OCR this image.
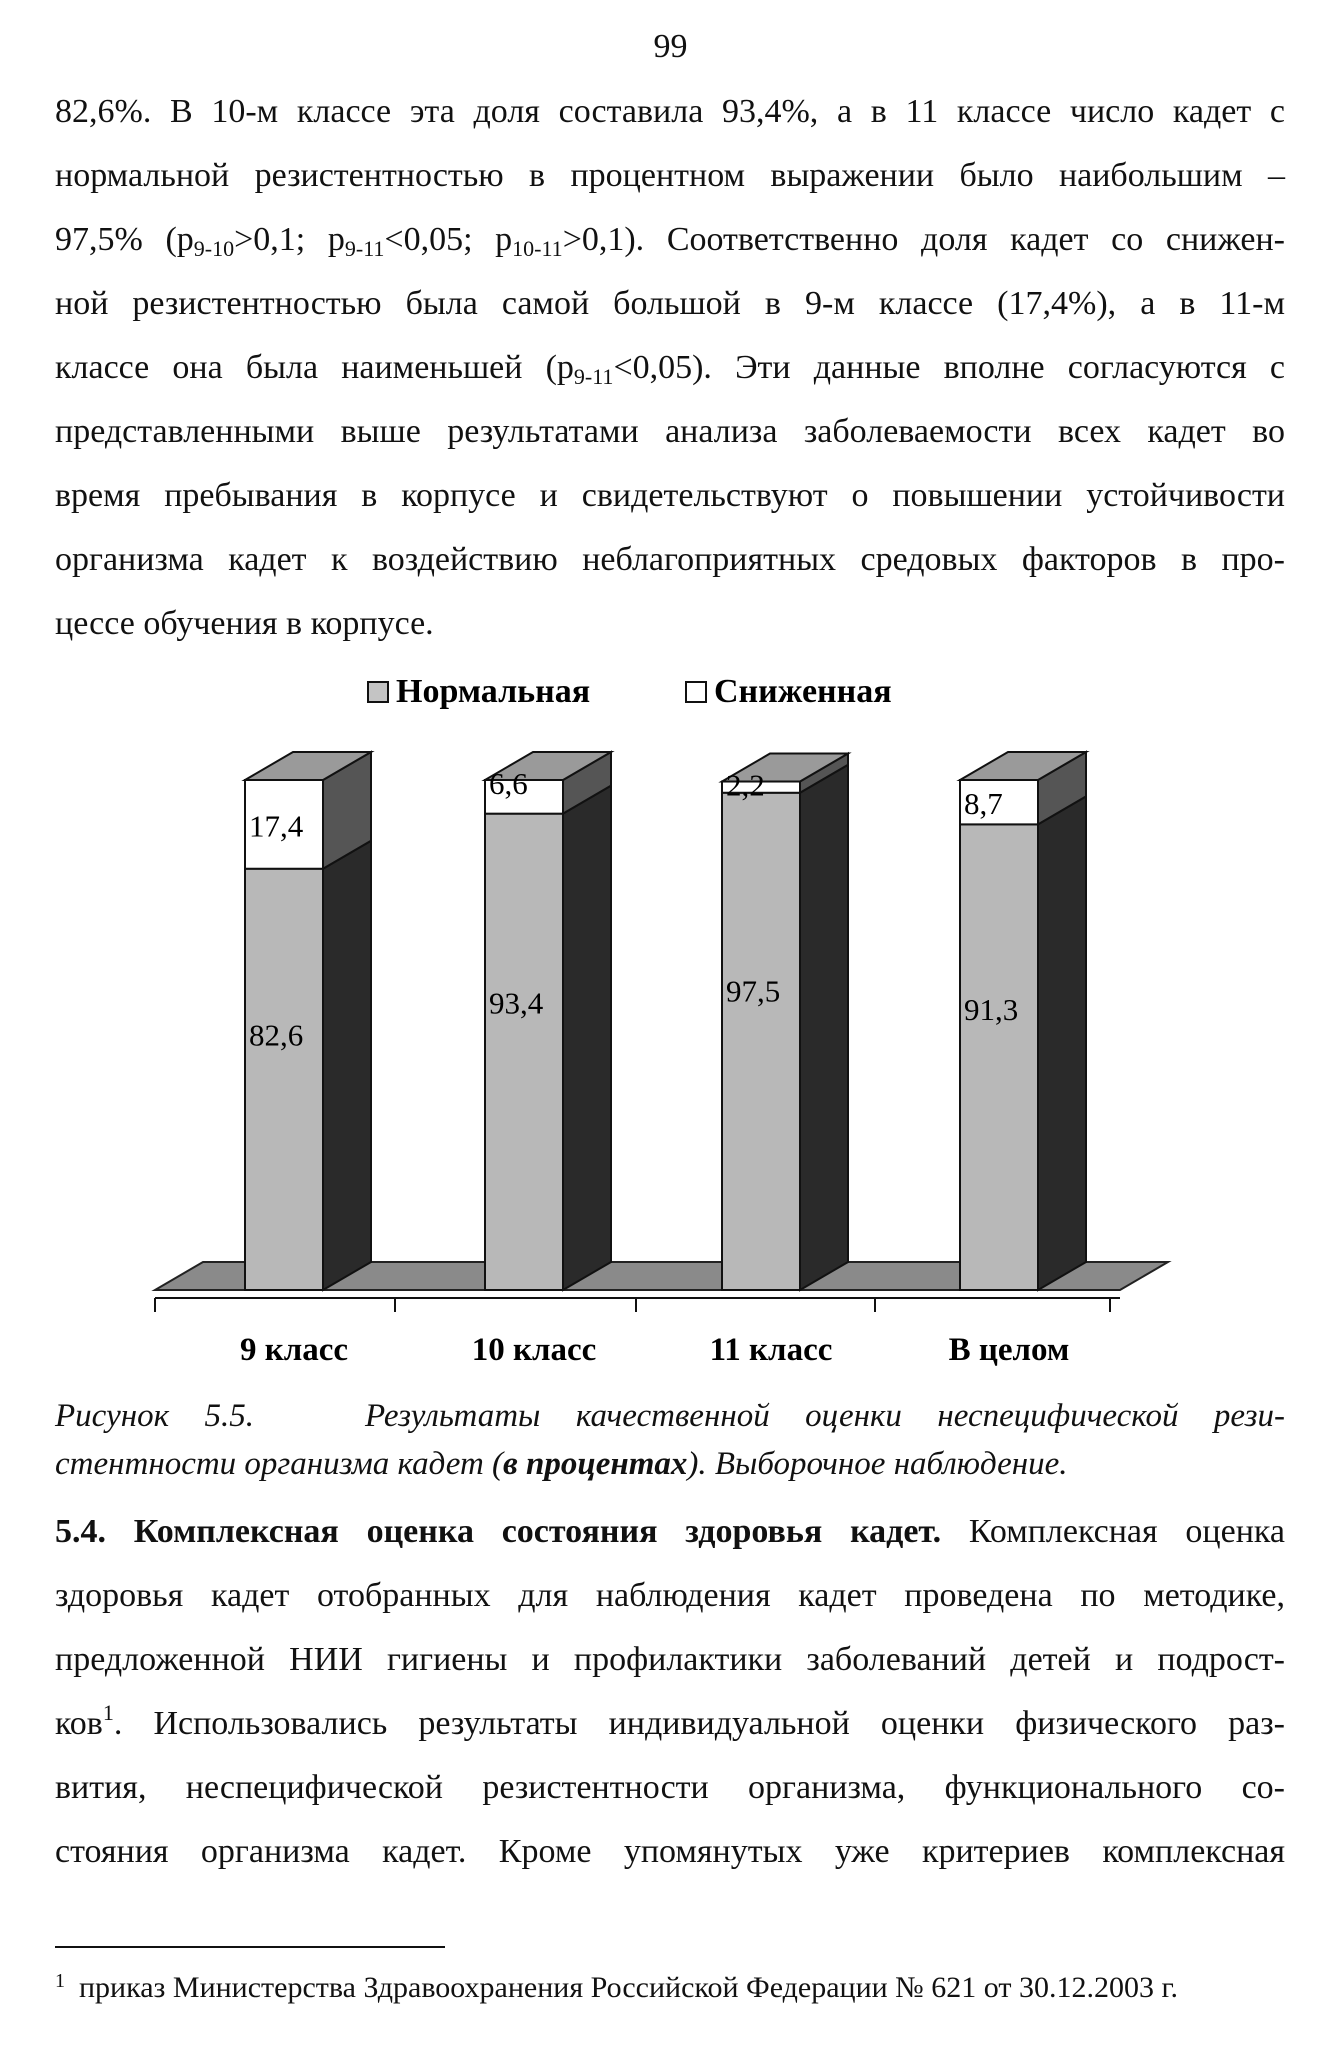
99
82,6%. В 10-м классе эта доля составила 93,4%, а в 11 классе число кадет с
нормальной резистентностью в процентном выражении было наибольшим –
97,5% ($p_{9-10}>0,1$; $p_{9-11}<0,05$; $p_{10-11}>0,1$). Соответственно доля кадет со снижен-
ной резистентностью была самой большой в 9-м классе (17,4%), а в 11-м
классе она была наименьшей $(p_{9-11}<0,05)$. Эти данные вполне согласуются с
представленными выше результатами анализа заболеваемости всех кадет во
время пребывания в корпусе и свидетельствуют о повышении устойчивости
организма кадет к воздействию неблагоприятных средовых факторов в про-
цессе обучения в корпусе.
Нормальная	Сниженная
82,6
17,4
9 класс
93,4
6,6
10 класс
97,5
2,2
11 класс
91,3
8,7
В целом
Рисунок 5.5.	Результаты качественной оценки неспецифической рези-
стентности организма кадет (в процентах). Выборочное наблюдение.
5.4. Комплексная оценка состояния здоровья кадет. Комплексная оценка
здоровья кадет отобранных для наблюдения кадет проведена по методике,
предложенной НИИ гигиены и профилактики заболеваний детей и подрост-
ков$^1$. Использовались результаты индивидуальной оценки физического раз-
вития, неспецифической резистентности организма, функционального со-
стояния организма кадет. Кроме упомянутых уже критериев комплексная

$^1$ приказ Министерства Здравоохранения Российской Федерации № 621 от 30.12.2003 г.
